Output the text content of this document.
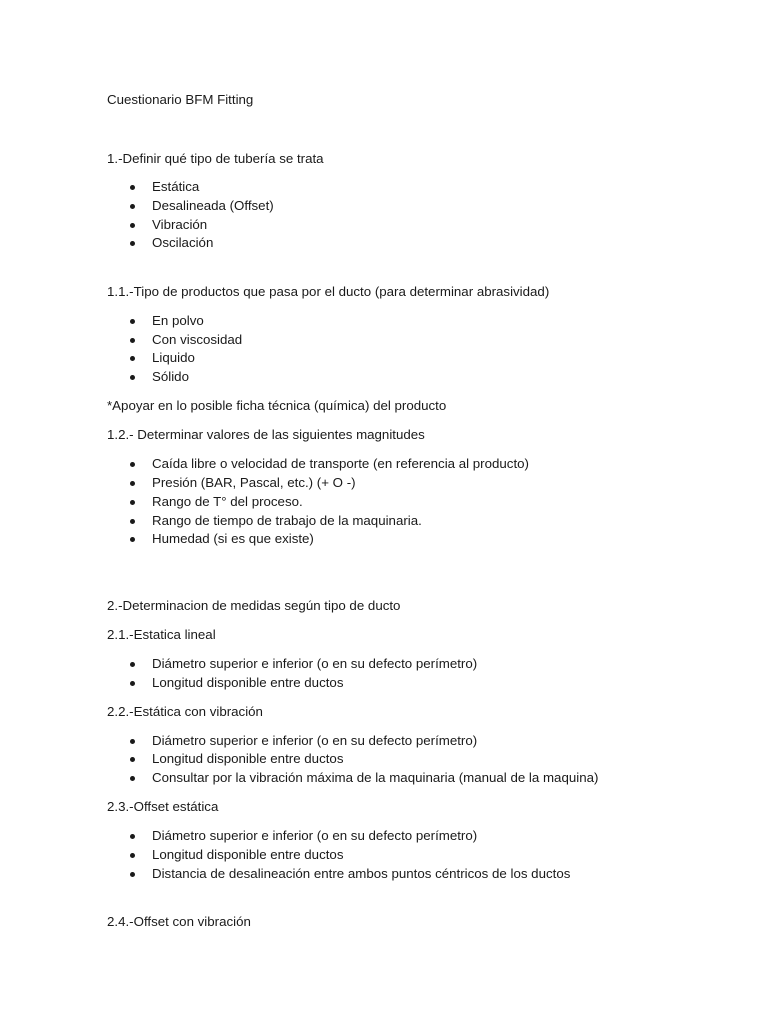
Cuestionario BFM Fitting
1.-Definir qué tipo de tubería se trata
Estática
Desalineada (Offset)
Vibración
Oscilación
1.1.-Tipo de productos que pasa por el ducto (para determinar abrasividad)
En polvo
Con viscosidad
Liquido
Sólido
*Apoyar en lo posible ficha técnica (química) del producto
1.2.- Determinar valores de las siguientes magnitudes
Caída libre o velocidad de transporte (en referencia al producto)
Presión (BAR, Pascal, etc.) (+ O -)
Rango de T° del proceso.
Rango de tiempo de trabajo de la maquinaria.
Humedad (si es que existe)
2.-Determinacion de medidas según tipo de ducto
2.1.-Estatica lineal
Diámetro superior e inferior (o en su defecto perímetro)
Longitud disponible entre ductos
2.2.-Estática con vibración
Diámetro superior e inferior (o en su defecto perímetro)
Longitud disponible entre ductos
Consultar por la vibración máxima de la maquinaria (manual de la maquina)
2.3.-Offset estática
Diámetro superior e inferior (o en su defecto perímetro)
Longitud disponible entre ductos
Distancia de desalineación entre ambos puntos céntricos de los ductos
2.4.-Offset con vibración
